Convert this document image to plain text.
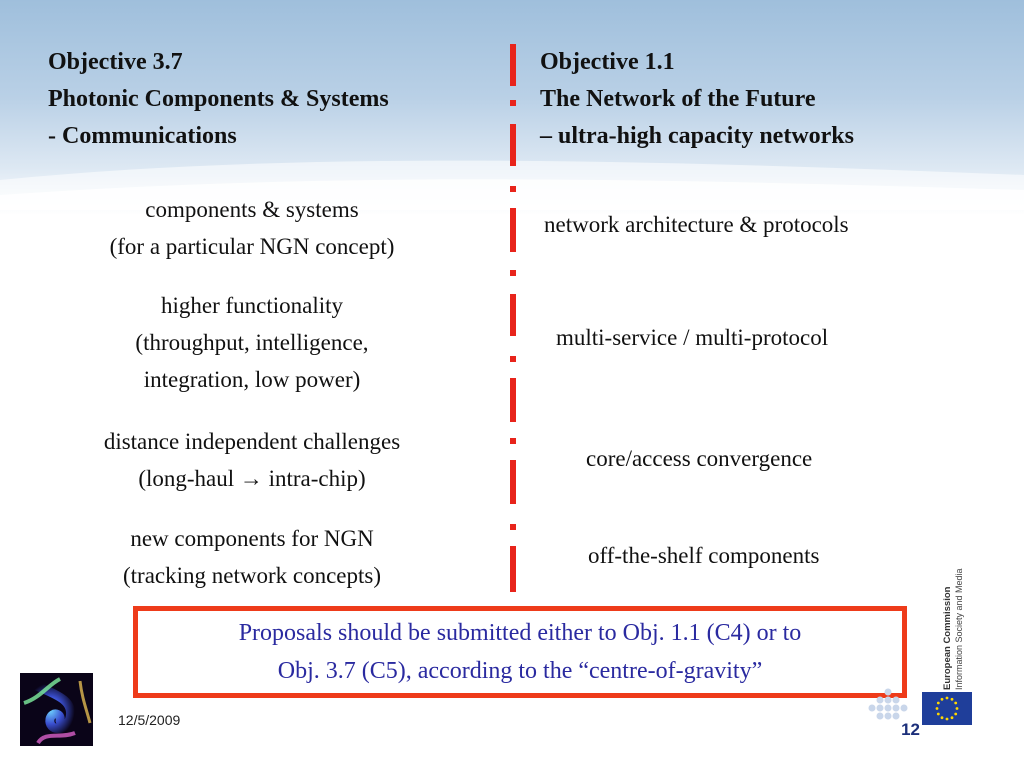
Objective 3.7
Photonic Components & Systems
- Communications
Objective 1.1
The Network of the Future
– ultra-high capacity networks
components & systems
(for a particular NGN concept)
higher functionality
(throughput, intelligence,
integration, low power)
distance independent challenges
(long-haul → intra-chip)
new components for NGN
(tracking network concepts)
network architecture & protocols
multi-service / multi-protocol
core/access convergence
off-the-shelf components
Proposals should be submitted either to Obj. 1.1 (C4) or to
Obj. 3.7 (C5), according to the “centre-of-gravity”
12/5/2009	12
European Commission Information Society and Media
